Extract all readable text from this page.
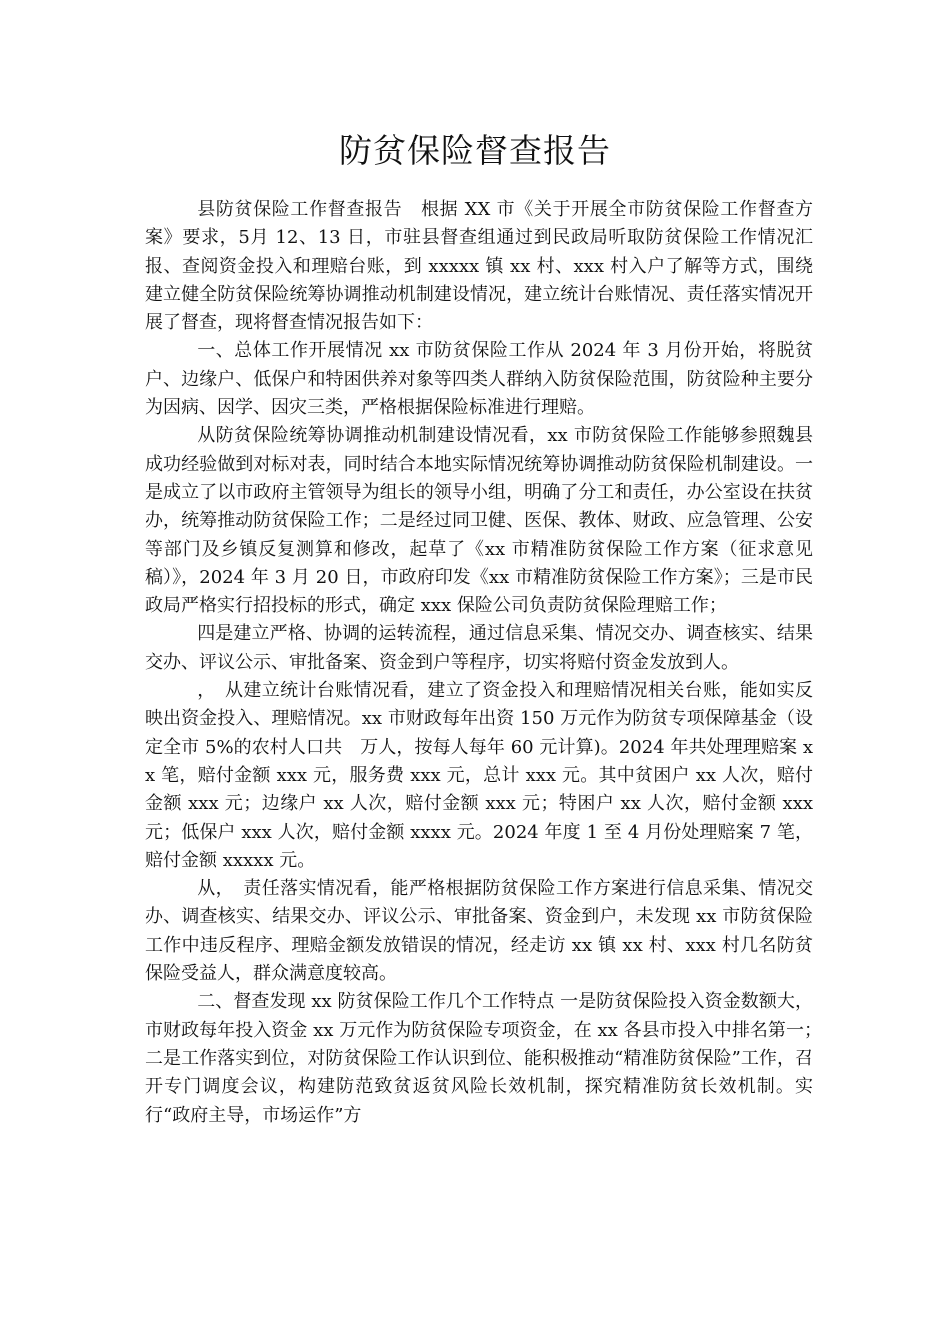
防贫保险督查报告

县防贫保险工作督查报告　根据 XX 市《关于开展全市防贫保险工作督查方案》要求，5月 12、13 日，市驻县督查组通过到民政局听取防贫保险工作情况汇报、查阅资金投入和理赔台账，到 xxxxx 镇 xx 村、xxx 村入户了解等方式，围绕建立健全防贫保险统筹协调推动机制建设情况，建立统计台账情况、责任落实情况开展了督查，现将督查情况报告如下：

一、总体工作开展情况 xx 市防贫保险工作从 2024 年 3 月份开始，将脱贫户、边缘户、低保户和特困供养对象等四类人群纳入防贫保险范围，防贫险种主要分为因病、因学、因灾三类，严格根据保险标准进行理赔。

从防贫保险统筹协调推动机制建设情况看，xx 市防贫保险工作能够参照魏县成功经验做到对标对表，同时结合本地实际情况统筹协调推动防贫保险机制建设。一是成立了以市政府主管领导为组长的领导小组，明确了分工和责任，办公室设在扶贫办，统筹推动防贫保险工作；二是经过同卫健、医保、教体、财政、应急管理、公安等部门及乡镇反复测算和修改，起草了《xx 市精准防贫保险工作方案（征求意见稿）》，2024 年 3 月 20 日，市政府印发《xx 市精准防贫保险工作方案》；三是市民政局严格实行招投标的形式，确定 xxx 保险公司负责防贫保险理赔工作；

四是建立严格、协调的运转流程，通过信息采集、情况交办、调查核实、结果交办、评议公示、审批备案、资金到户等程序，切实将赔付资金发放到人。

，　从建立统计台账情况看，建立了资金投入和理赔情况相关台账，能如实反映出资金投入、理赔情况。xx 市财政每年出资 150 万元作为防贫专项保障基金（设定全市 5%的农村人口共　万人，按每人每年 60 元计算)。2024 年共处理理赔案 xx 笔，赔付金额 xxx 元，服务费 xxx 元，总计 xxx 元。其中贫困户 xx 人次，赔付金额 xxx 元；边缘户 xx 人次，赔付金额 xxx 元；特困户 xx 人次，赔付金额 xxx 元；低保户 xxx 人次，赔付金额 xxxx 元。2024 年度 1 至 4 月份处理赔案 7 笔，赔付金额 xxxxx 元。

从，　责任落实情况看，能严格根据防贫保险工作方案进行信息采集、情况交办、调查核实、结果交办、评议公示、审批备案、资金到户，未发现 xx 市防贫保险工作中违反程序、理赔金额发放错误的情况，经走访 xx 镇 xx 村、xxx 村几名防贫保险受益人，群众满意度较高。

二、督查发现 xx 防贫保险工作几个工作特点 一是防贫保险投入资金数额大，市财政每年投入资金 xx 万元作为防贫保险专项资金，在 xx 各县市投入中排名第一；　二是工作落实到位，对防贫保险工作认识到位、能积极推动“精准防贫保险”工作，召开专门调度会议，构建防范致贫返贫风险长效机制，探究精准防贫长效机制。实行“政府主导，市场运作”方
